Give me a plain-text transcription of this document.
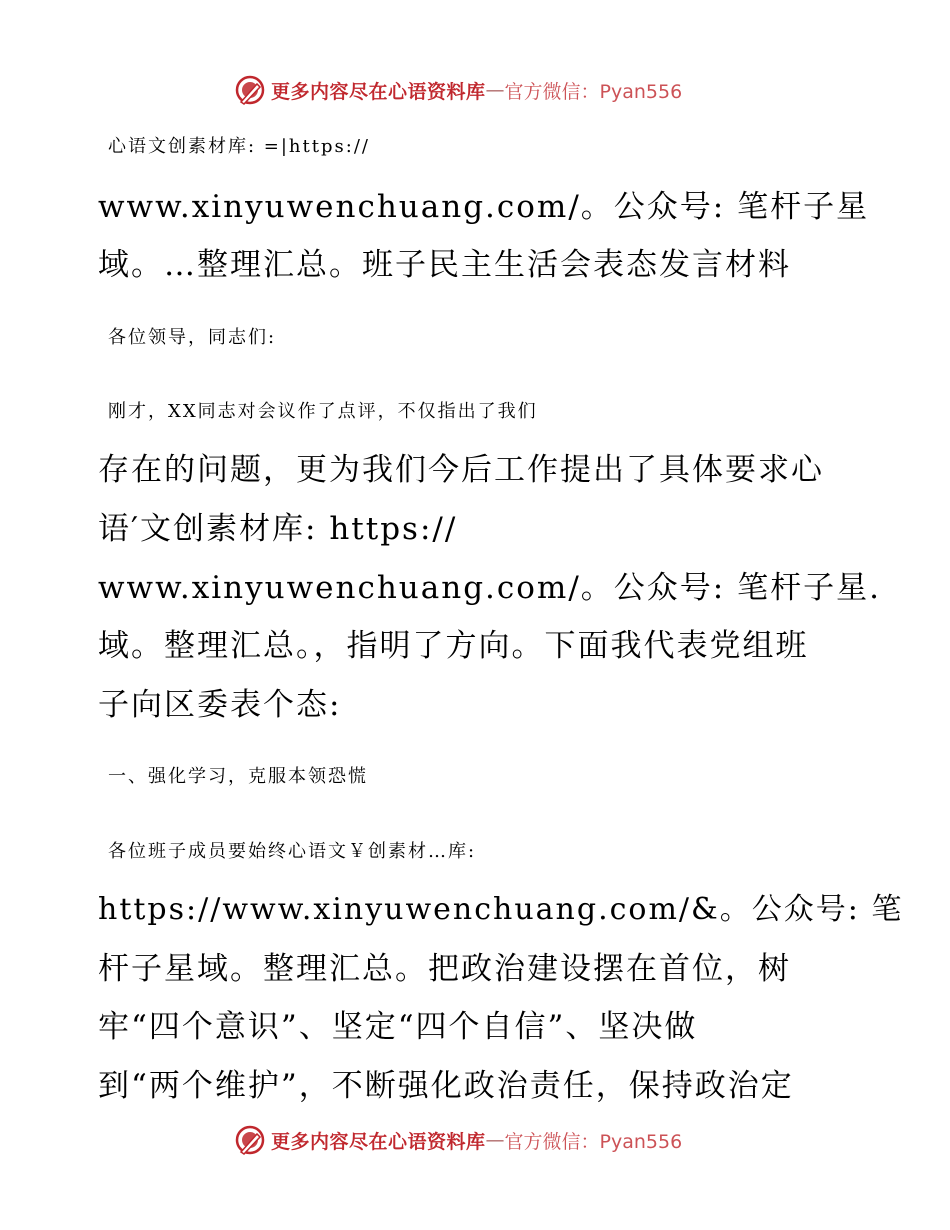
更多内容尽在心语资料库 — 官方微信：Pyan556
心语文创素材库: =|https://
www.xinyuwenchuang.com/。公众号: 笔杆子星
域。…整理汇总。班子民主生活会表态发言材料
各位领导，同志们:
刚才，XX同志对会议作了点评，不仅指出了我们
存在的问题，更为我们今后工作提出了具体要求心
语′文创素材库: https://
www.xinyuwenchuang.com/。公众号: 笔杆子星.
域。整理汇总。，指明了方向。下面我代表党组班
子向区委表个态:
一、强化学习，克服本领恐慌
各位班子成员要始终心语文￥创素材…库:
https://www.xinyuwenchuang.com/&。公众号: 笔
杆子星域。整理汇总。把政治建设摆在首位，树
牢“四个意识”、坚定“四个自信”、坚决做
到“两个维护”，不断强化政治责任，保持政治定
更多内容尽在心语资料库 — 官方微信：Pyan556
